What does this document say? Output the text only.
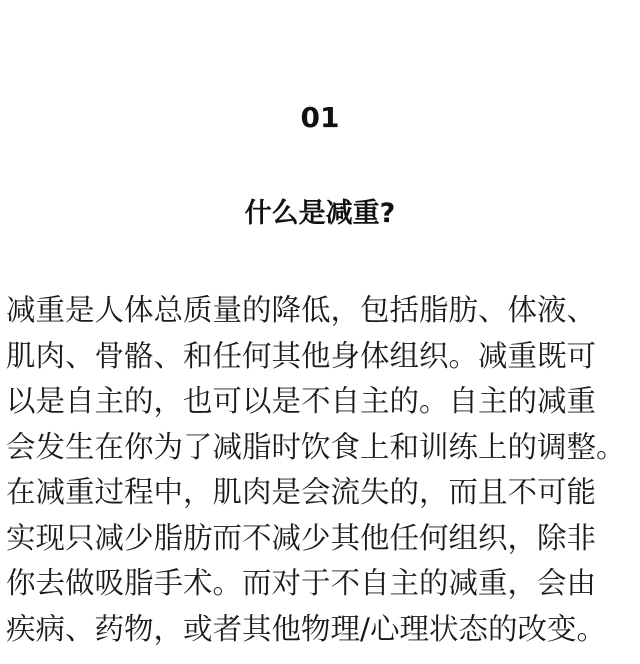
01
什么是减重?

减重是人体总质量的降低，包括脂肪、体液、
肌肉、骨骼、和任何其他身体组织。减重既可
以是自主的，也可以是不自主的。自主的减重
会发生在你为了减脂时饮食上和训练上的调整。
在减重过程中，肌肉是会流失的，而且不可能
实现只减少脂肪而不减少其他任何组织，除非
你去做吸脂手术。而对于不自主的减重，会由
疾病、药物，或者其他物理/心理状态的改变。
